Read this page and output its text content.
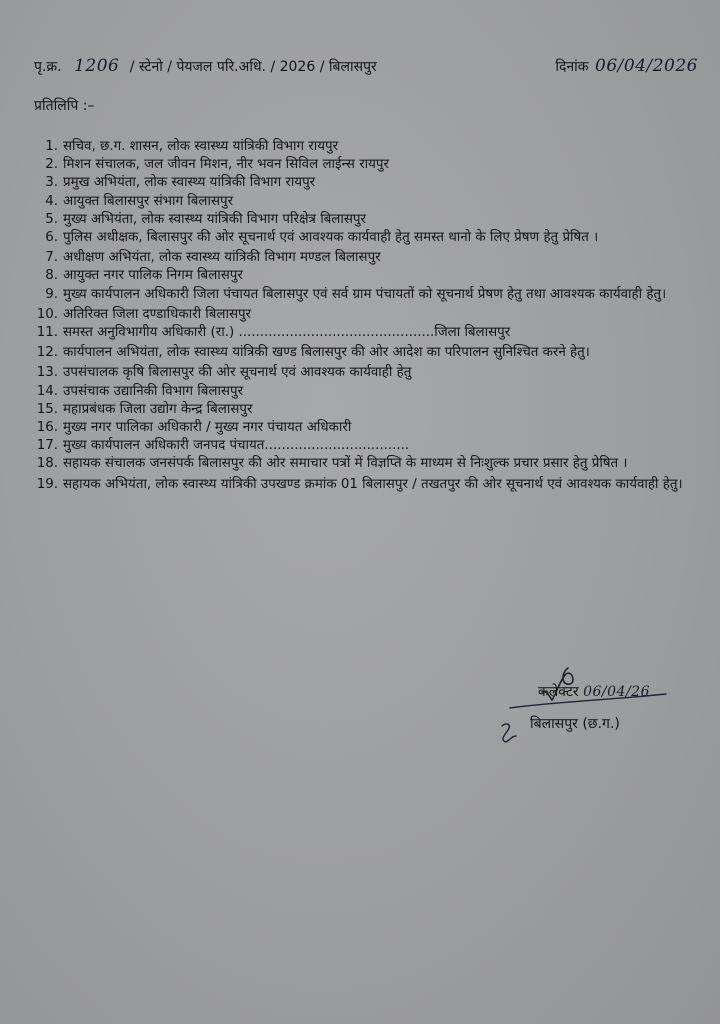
पृ.क्र. 1206 / स्टेनो / पेयजल परि.अधि. / 2026 / बिलासपुर	दिनांक 06/04/2026
प्रतिलिपि :–
1. सचिव, छ.ग. शासन, लोक स्वास्थ्य यांत्रिकी विभाग रायपुर
2. मिशन संचालक, जल जीवन मिशन, नीर भवन सिविल लाईन्स रायपुर
3. प्रमुख अभियंता, लोक स्वास्थ्य यांत्रिकी विभाग रायपुर
4. आयुक्त बिलासपुर संभाग बिलासपुर
5. मुख्य अभियंता, लोक स्वास्थ्य यांत्रिकी विभाग परिक्षेत्र बिलासपुर
6. पुलिस अधीक्षक, बिलासपुर की ओर सूचनार्थ एवं आवश्यक कार्यवाही हेतु समस्त थानो के लिए प्रेषण हेतु प्रेषित ।
7. अधीक्षण अभियंता, लोक स्वास्थ्य यांत्रिकी विभाग मण्डल बिलासपुर
8. आयुक्त नगर पालिक निगम बिलासपुर
9. मुख्य कार्यपालन अधिकारी जिला पंचायत बिलासपुर एवं सर्व ग्राम पंचायतों को सूचनार्थ प्रेषण हेतु तथा आवश्यक कार्यवाही हेतु।
10. अतिरिक्त जिला दण्डाधिकारी बिलासपुर
11. समस्त अनुविभागीय अधिकारी (रा.) ..............................................जिला बिलासपुर
12. कार्यपालन अभियंता, लोक स्वास्थ्य यांत्रिकी खण्ड बिलासपुर की ओर आदेश का परिपालन सुनिश्चित करने हेतु।
13. उपसंचालक कृषि बिलासपुर की ओर सूचनार्थ एवं आवश्यक कार्यवाही हेतु
14. उपसंचाक उद्यानिकी विभाग बिलासपुर
15. महाप्रबंधक जिला उद्योग केन्द्र बिलासपुर
16. मुख्य नगर पालिका अधिकारी / मुख्य नगर पंचायत अधिकारी
17. मुख्य कार्यपालन अधिकारी जनपद पंचायत..................................
18. सहायक संचालक जनसंपर्क बिलासपुर की ओर समाचार पत्रों में विज्ञप्ति के माध्यम से निःशुल्क प्रचार प्रसार हेतु प्रेषित ।
19. सहायक अभियंता, लोक स्वास्थ्य यांत्रिकी उपखण्ड क्रमांक 01 बिलासपुर / तखतपुर की ओर सूचनार्थ एवं आवश्यक कार्यवाही हेतु।
कलेक्टर 06/04/26
बिलासपुर (छ.ग.)
